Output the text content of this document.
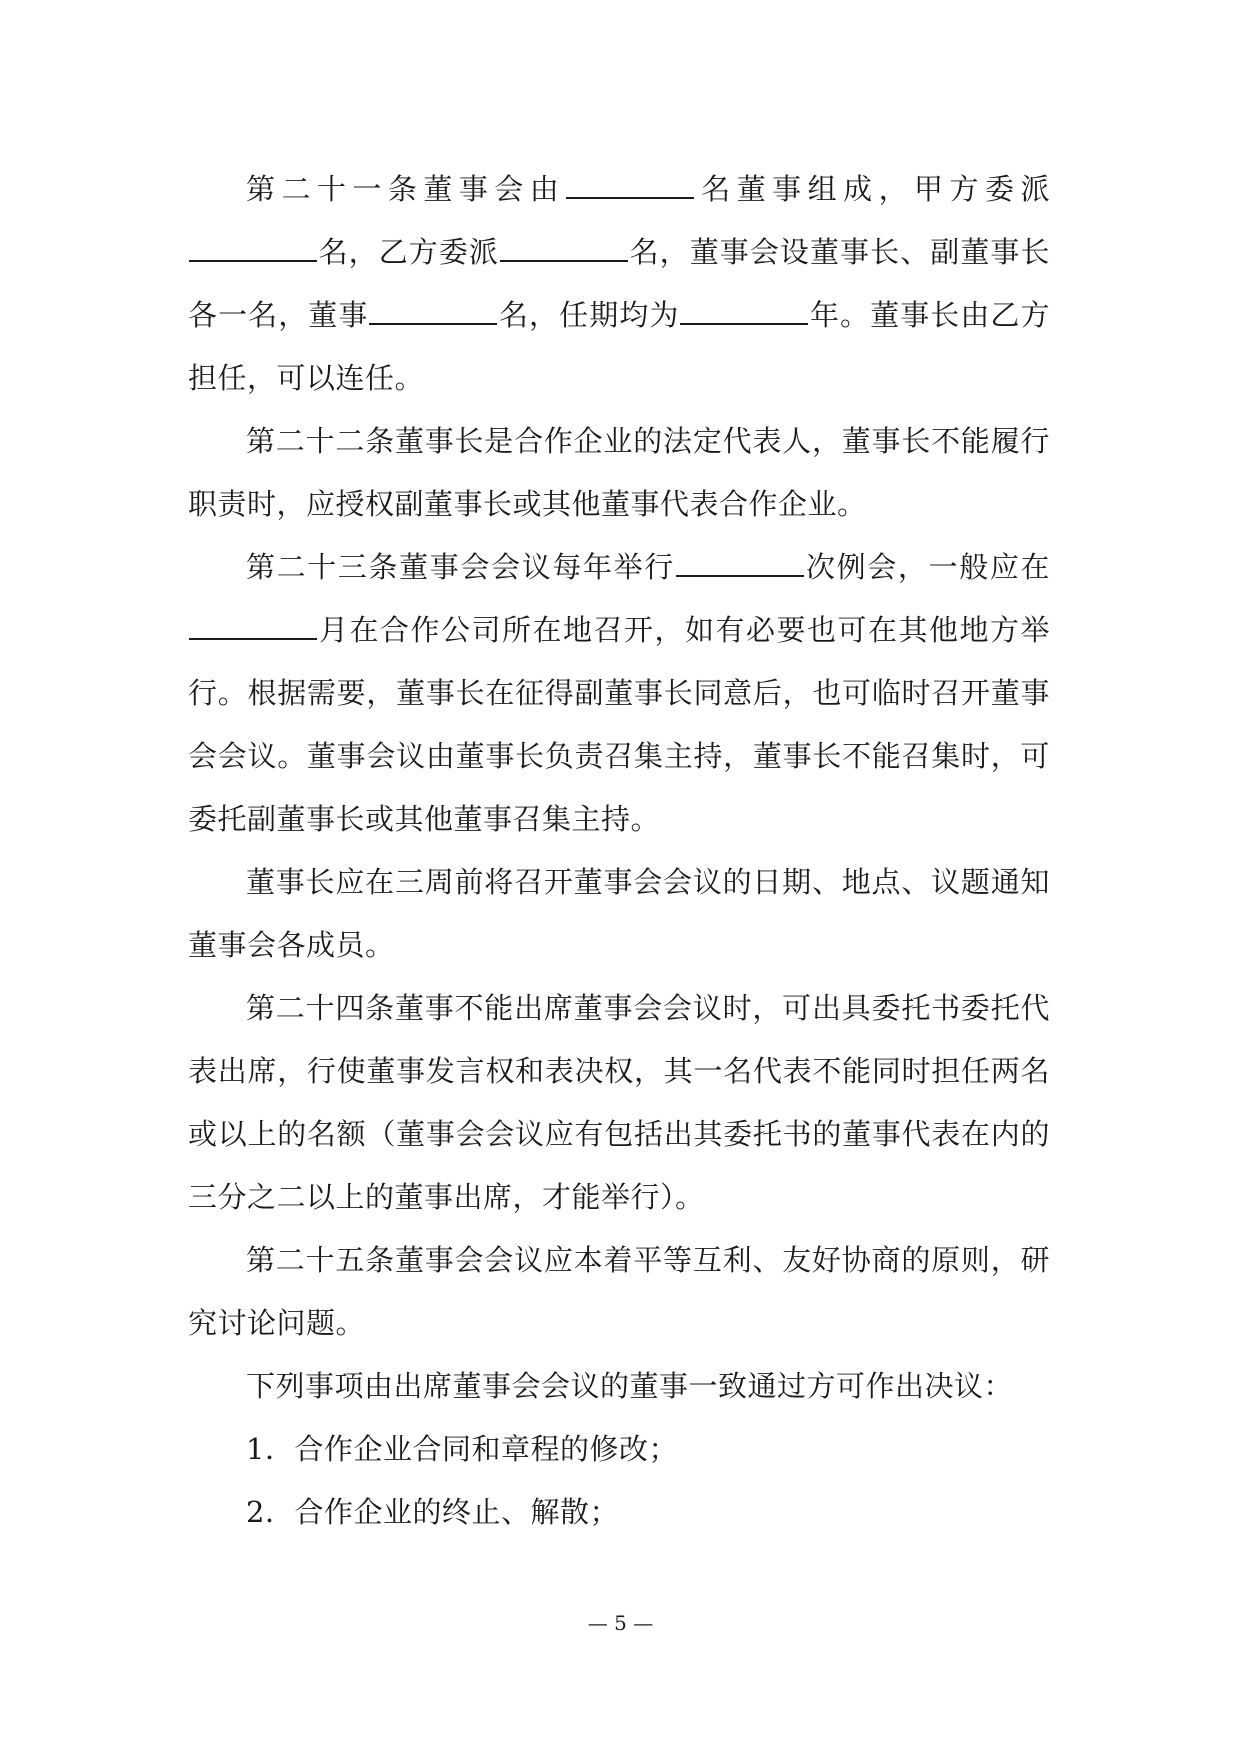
第二十一条董事会由	名董事组成，甲方委派名，乙方委派	名，董事会设董事长、副董事长各一名，董事	名，任期均为	年。董事长由乙方担任，可以连任。

第二十二条董事长是合作企业的法定代表人，董事长不能履行职责时，应授权副董事长或其他董事代表合作企业。

第二十三条董事会会议每年举行	次例会，一般应在月在合作公司所在地召开，如有必要也可在其他地方举行。根据需要，董事长在征得副董事长同意后，也可临时召开董事会会议。董事会议由董事长负责召集主持，董事长不能召集时，可委托副董事长或其他董事召集主持。

董事长应在三周前将召开董事会会议的日期、地点、议题通知董事会各成员。

第二十四条董事不能出席董事会会议时，可出具委托书委托代表出席，行使董事发言权和表决权，其一名代表不能同时担任两名或以上的名额（董事会会议应有包括出其委托书的董事代表在内的三分之二以上的董事出席，才能举行）。

第二十五条董事会会议应本着平等互利、友好协商的原则，研究讨论问题。

下列事项由出席董事会会议的董事一致通过方可作出决议：

1．合作企业合同和章程的修改；

2．合作企业的终止、解散；

— 5 —
